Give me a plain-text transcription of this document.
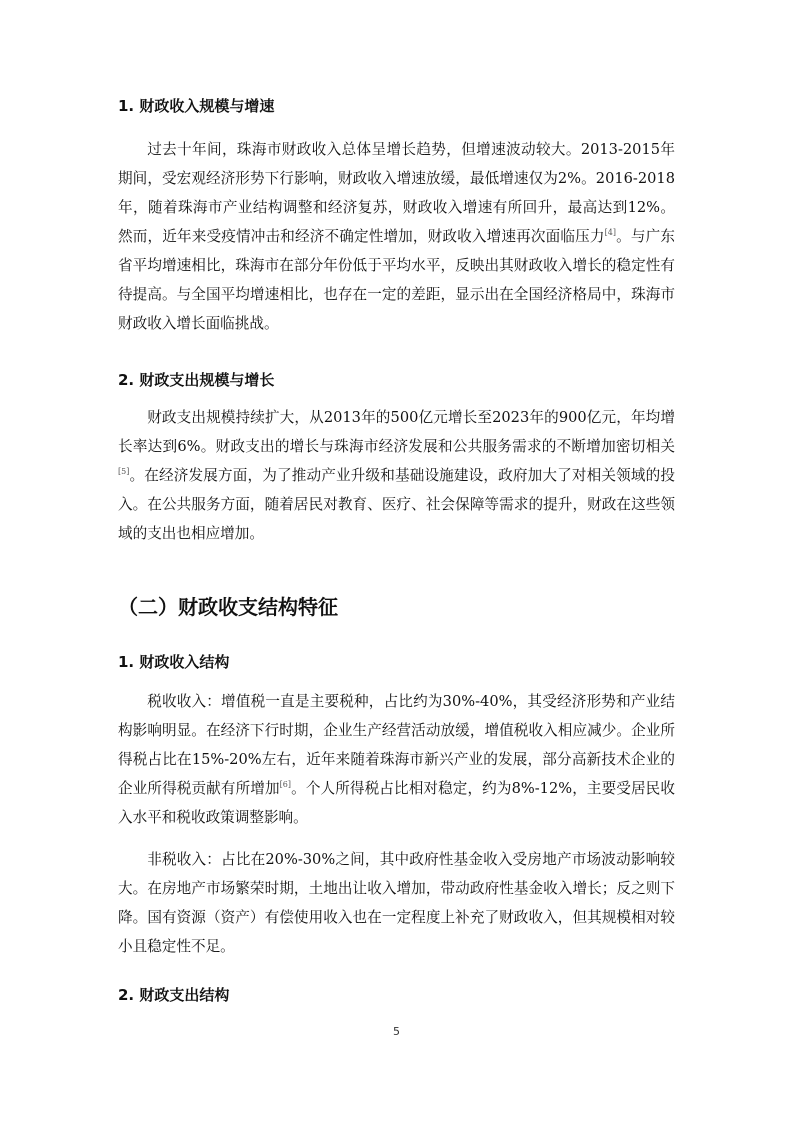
1. 财政收入规模与增速
过去十年间，珠海市财政收入总体呈增长趋势，但增速波动较大。2013-2015年期间，受宏观经济形势下行影响，财政收入增速放缓，最低增速仅为2%。2016-2018年，随着珠海市产业结构调整和经济复苏，财政收入增速有所回升，最高达到12%。然而，近年来受疫情冲击和经济不确定性增加，财政收入增速再次面临压力[4]。与广东省平均增速相比，珠海市在部分年份低于平均水平，反映出其财政收入增长的稳定性有待提高。与全国平均增速相比，也存在一定的差距，显示出在全国经济格局中，珠海市财政收入增长面临挑战。
2. 财政支出规模与增长
财政支出规模持续扩大，从2013年的500亿元增长至2023年的900亿元，年均增长率达到6%。财政支出的增长与珠海市经济发展和公共服务需求的不断增加密切相关[5]。在经济发展方面，为了推动产业升级和基础设施建设，政府加大了对相关领域的投入。在公共服务方面，随着居民对教育、医疗、社会保障等需求的提升，财政在这些领域的支出也相应增加。
（二）财政收支结构特征
1. 财政收入结构
税收收入：增值税一直是主要税种，占比约为30%-40%，其受经济形势和产业结构影响明显。在经济下行时期，企业生产经营活动放缓，增值税收入相应减少。企业所得税占比在15%-20%左右，近年来随着珠海市新兴产业的发展，部分高新技术企业的企业所得税贡献有所增加[6]。个人所得税占比相对稳定，约为8%-12%，主要受居民收入水平和税收政策调整影响。
非税收入：占比在20%-30%之间，其中政府性基金收入受房地产市场波动影响较大。在房地产市场繁荣时期，土地出让收入增加，带动政府性基金收入增长；反之则下降。国有资源（资产）有偿使用收入也在一定程度上补充了财政收入，但其规模相对较小且稳定性不足。
2. 财政支出结构
5
